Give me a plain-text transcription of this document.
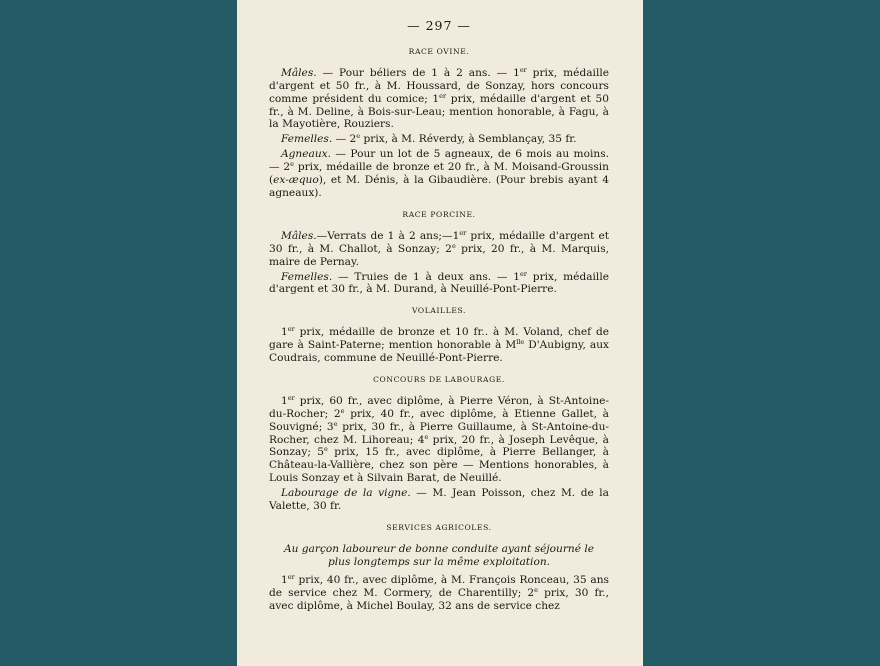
— 297 —
RACE OVINE.

Mâles. — Pour béliers de 1 à 2 ans. — 1er prix, médaille d'argent et 50 fr., à M. Houssard, de Sonzay, hors concours comme président du comice; 1er prix, médaille d'argent et 50 fr., à M. Deline, à Bois-sur-Leau; mention honorable, à Fagu, à la Mayotière, Rouziers.

Femelles. — 2e prix, à M. Réverdy, à Semblançay, 35 fr.

Agneaux. — Pour un lot de 5 agneaux, de 6 mois au moins. — 2e prix, médaille de bronze et 20 fr., à M. Moisand-Groussin (ex-æquo), et M. Dénis, à la Gibaudière. (Pour brebis ayant 4 agneaux).

RACE PORCINE.

Mâles.—Verrats de 1 à 2 ans;—1er prix, médaille d'argent et 30 fr., à M. Challot, à Sonzay; 2e prix, 20 fr., à M. Marquis, maire de Pernay.

Femelles. — Truies de 1 à deux ans. — 1er prix, médaille d'argent et 30 fr., à M. Durand, à Neuillé-Pont-Pierre.

VOLAILLES.

1er prix, médaille de bronze et 10 fr.. à M. Voland, chef de gare à Saint-Paterne; mention honorable à $M^{lle}$ D'Aubigny, aux Coudrais, commune de Neuillé-Pont-Pierre.

CONCOURS DE LABOURAGE.

1er prix, 60 fr., avec diplôme, à Pierre Véron, à St-Antoine-du-Rocher; 2e prix, 40 fr., avec diplôme, à Etienne Gallet, à Souvigné; 3e prix, 30 fr., à Pierre Guillaume, à St-Antoine-du-Rocher, chez M. Lihoreau; 4e prix, 20 fr., à Joseph Levêque, à Sonzay; 5e prix, 15 fr., avec diplôme, à Pierre Bellanger, à Château-la-Vallière, chez son père — Mentions honorables, à Louis Sonzay et à Silvain Barat, de Neuillé.

Labourage de la vigne. — M. Jean Poisson, chez M. de la Valette, 30 fr.

SERVICES AGRICOLES.

Au garçon laboureur de bonne conduite ayant séjourné le plus longtemps sur la même exploitation.

1er prix, 40 fr., avec diplôme, à M. François Ronceau, 35 ans de service chez M. Cormery, de Charentilly; 2e prix, 30 fr., avec diplôme, à Michel Boulay, 32 ans de service chez
